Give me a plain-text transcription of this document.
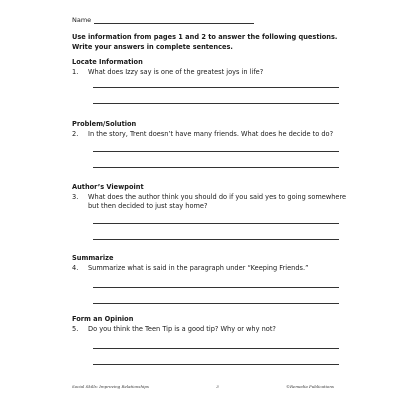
Name
Use information from pages 1 and 2 to answer the following questions.
Write your answers in complete sentences.
Locate Information
1.	What does Izzy say is one of the greatest joys in life?
Problem/Solution
2.	In the story, Trent doesn’t have many friends. What does he decide to do?
Author’s Viewpoint
3.	What does the author think you should do if you said yes to going somewhere but then decided to just stay home?
Summarize
4.	Summarize what is said in the paragraph under “Keeping Friends.”
Form an Opinion
5.	Do you think the Teen Tip is a good tip? Why or why not?
Social Skills: Improving Relationships	3	©Remedia Publications
